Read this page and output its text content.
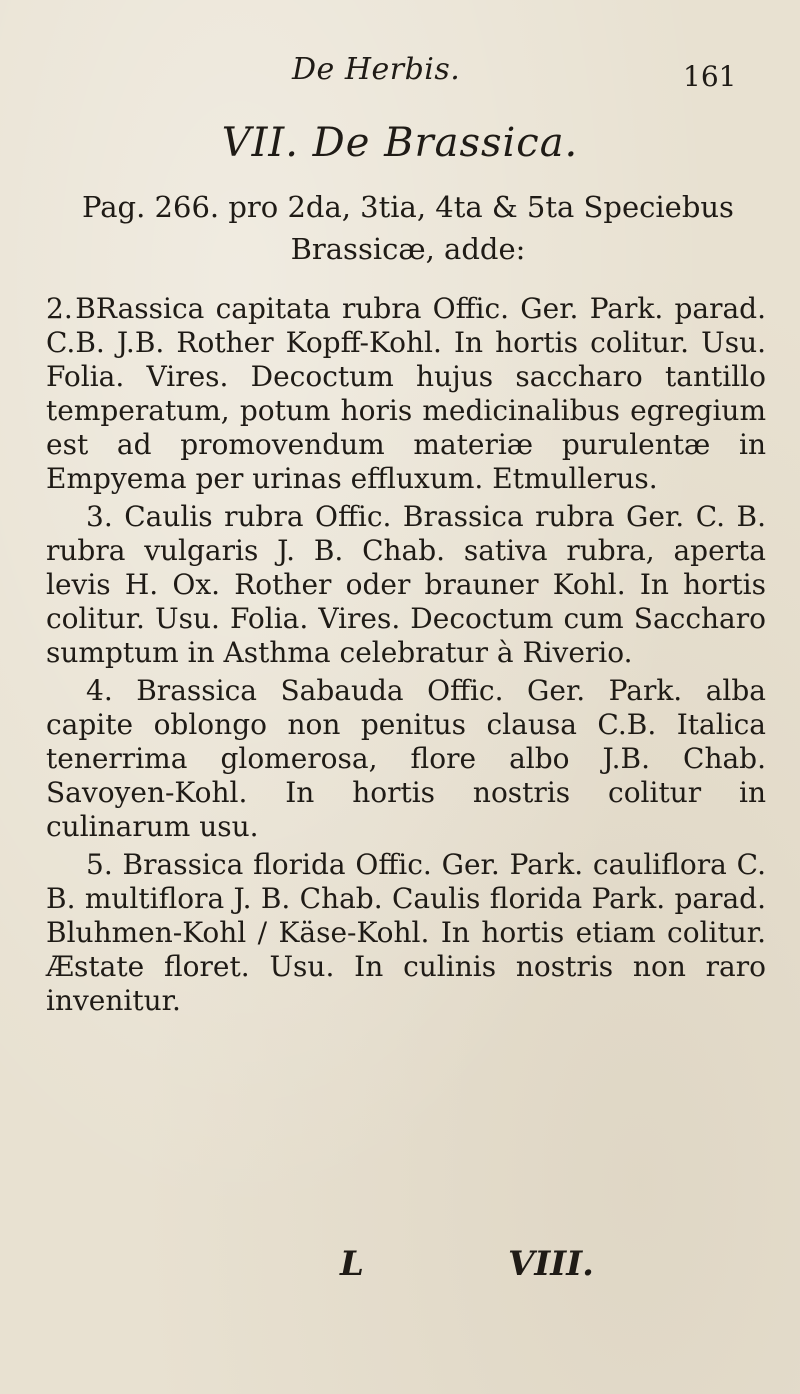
De Herbis.	161
VII. De Brassica.
Pag. 266. pro 2da, 3tia, 4ta & 5ta Speciebus
Brassicæ, adde:

2. BRassica capitata rubra Offic. Ger. Park. parad. C.B. J.B. Rother Kopff-Kohl. In hortis colitur. Usu. Folia. Vires. Decoctum hujus saccharo tantillo temperatum, potum horis medicinalibus egregium est ad promovendum materiæ purulentæ in Empyema per urinas effluxum. Etmullerus.

3. Caulis rubra Offic. Brassica rubra Ger. C. B. rubra vulgaris J. B. Chab. sativa rubra, aperta levis H. Ox. Rother oder brauner Kohl. In hortis colitur. Usu. Folia. Vires. Decoctum cum Saccharo sumptum in Asthma celebratur à Riverio.

4. Brassica Sabauda Offic. Ger. Park. alba capite oblongo non penitus clausa C.B. Italica tenerrima glomerosa, flore albo J.B. Chab. Savoyen-Kohl. In hortis nostris colitur in culinarum usu.

5. Brassica florida Offic. Ger. Park. cauliflora C. B. multiflora J. B. Chab. Caulis florida Park. parad. Bluhmen-Kohl / Käse-Kohl. In hortis etiam colitur. Æstate floret. Usu. In culinis nostris non raro invenitur.

L	VIII.
